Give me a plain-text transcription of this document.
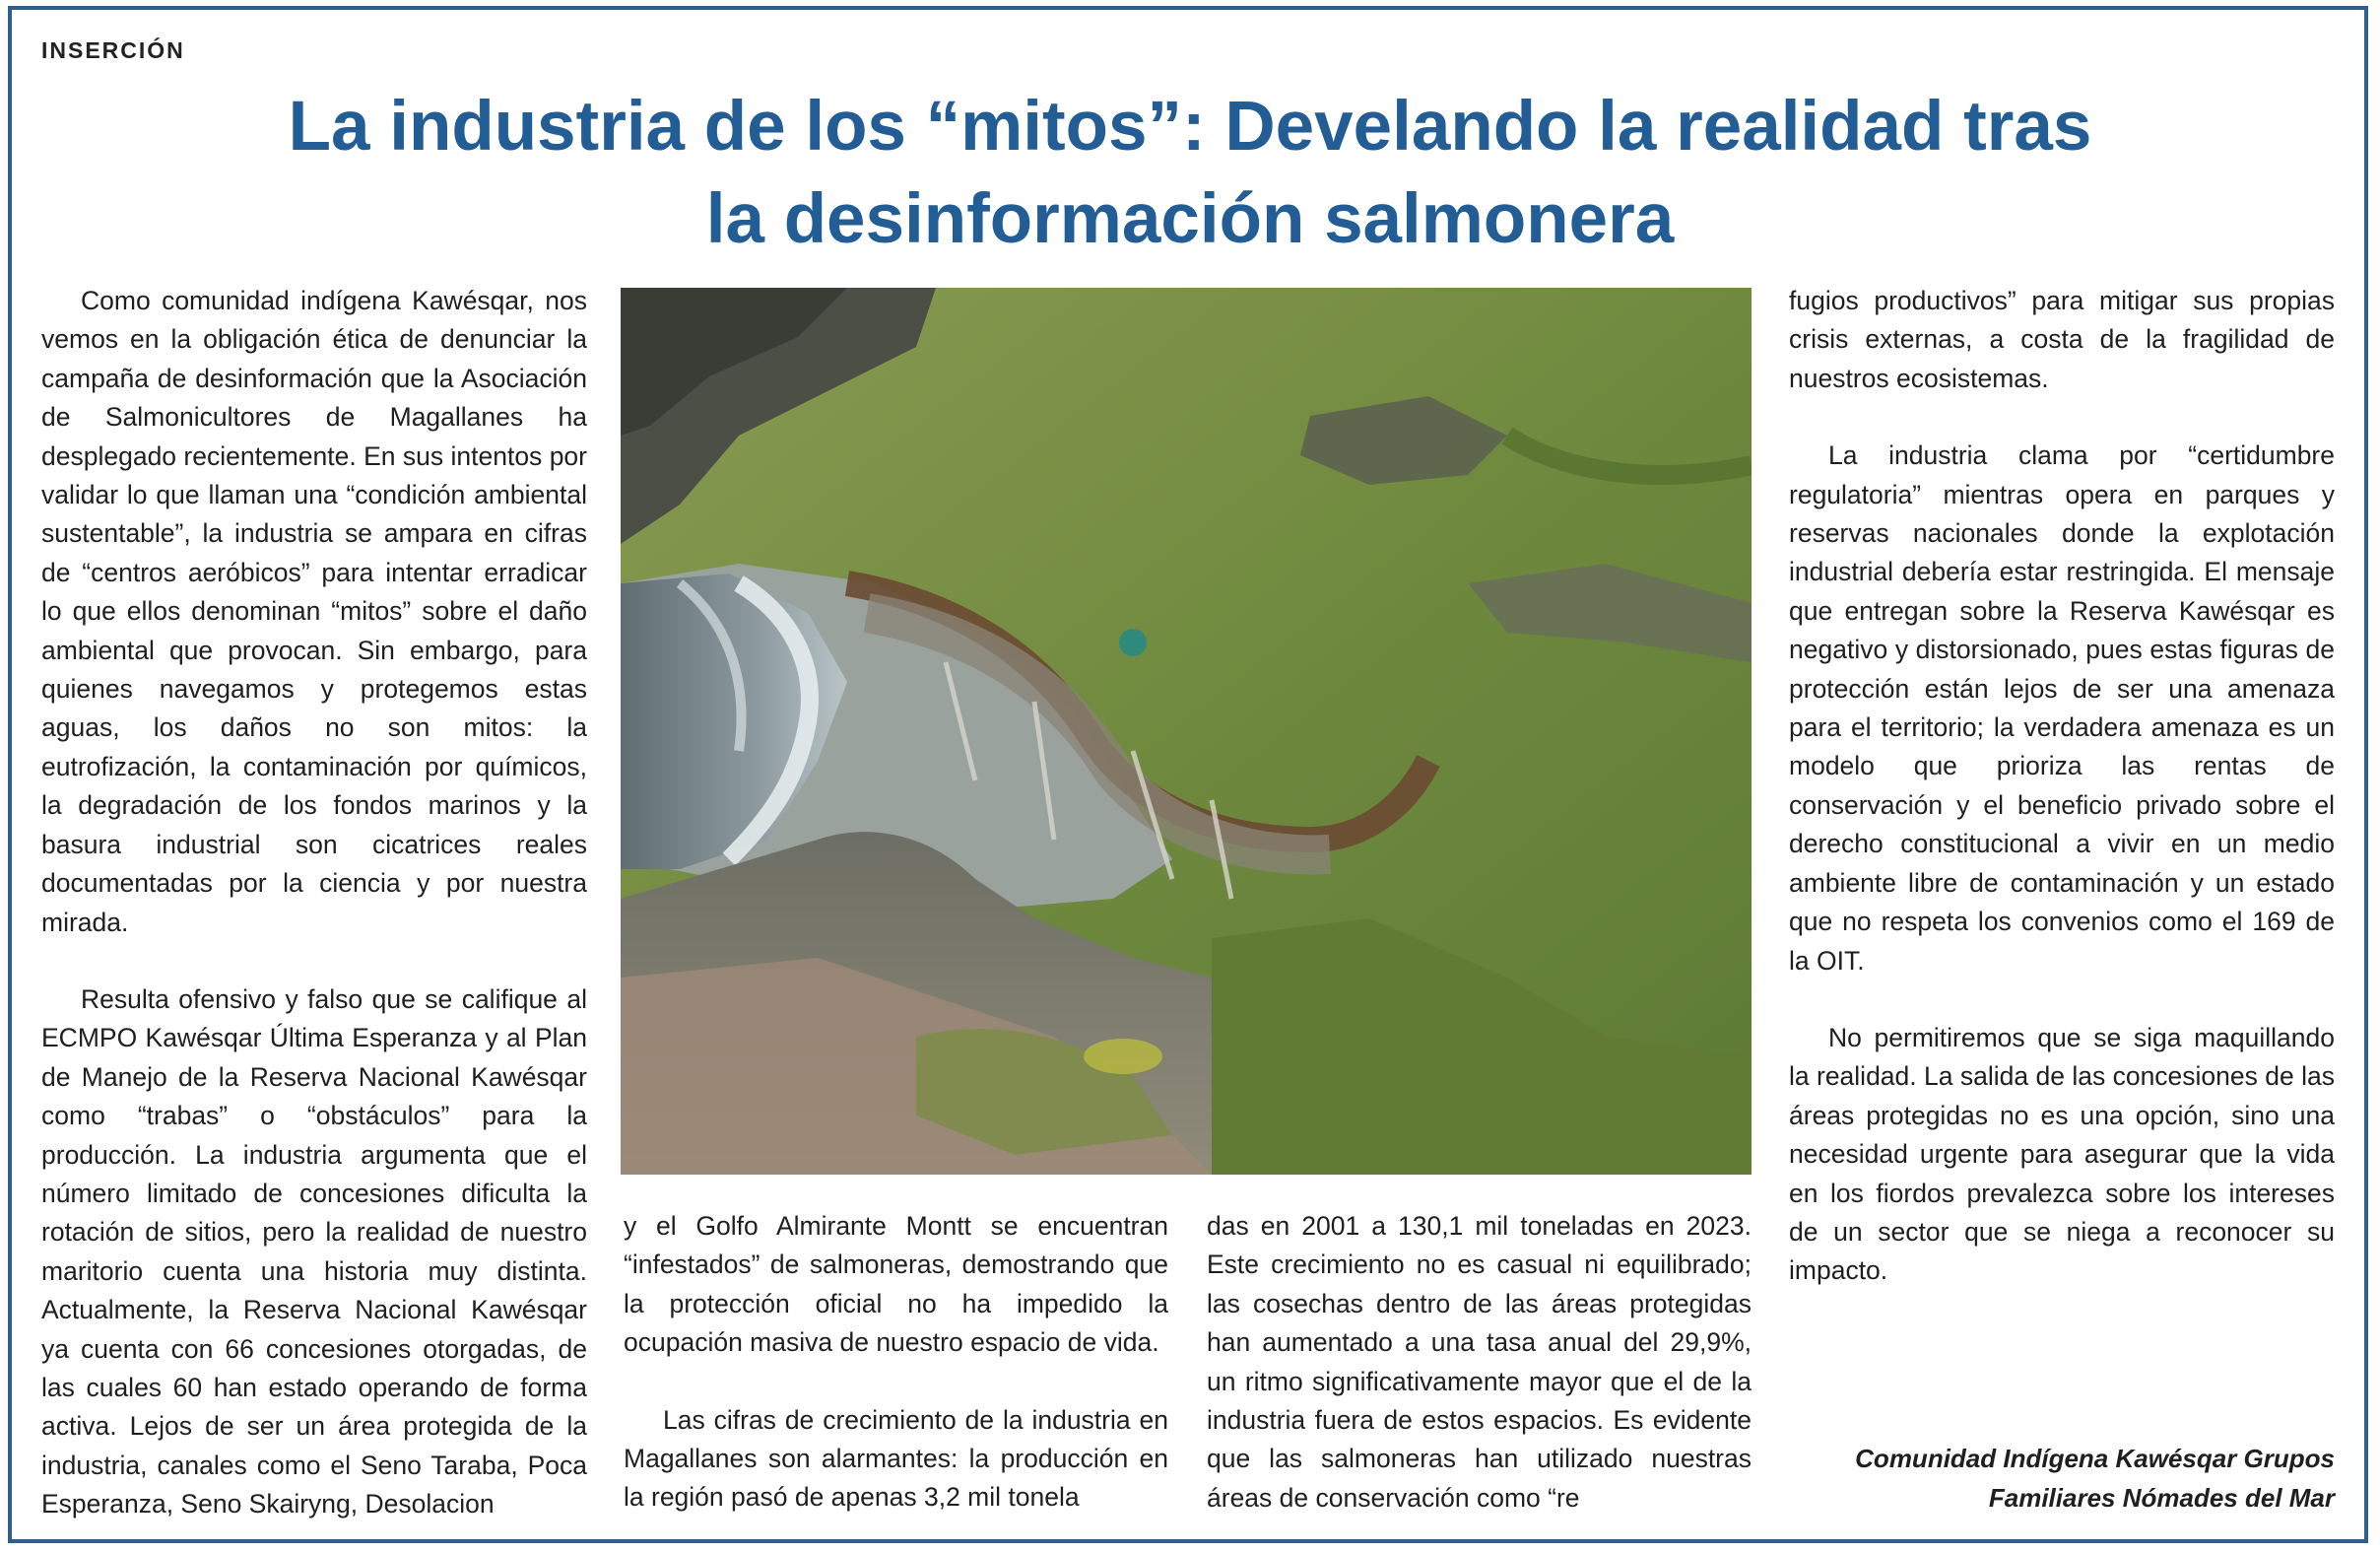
INSERCIÓN
La industria de los “mitos”: Develando la realidad tras
la desinformación salmonera

Como comunidad indígena Kawésqar, nos vemos en la obligación ética de denunciar la campaña de desinformación que la Asociación de Salmonicultores de Magallanes ha desplegado recientemente. En sus intentos por validar lo que llaman una “condición ambiental sustentable”, la industria se ampara en cifras de “centros aeróbicos” para intentar erradicar lo que ellos denominan “mitos” sobre el daño ambiental que provocan. Sin embargo, para quienes navegamos y protegemos estas aguas, los daños no son mitos: la eutrofización, la contaminación por químicos, la degradación de los fondos marinos y la basura industrial son cicatrices reales documentadas por la ciencia y por nuestra mirada.

Resulta ofensivo y falso que se califique al ECMPO Kawésqar Última Esperanza y al Plan de Manejo de la Reserva Nacional Kawésqar como “trabas” o “obstáculos” para la producción. La industria argumenta que el número limitado de concesiones dificulta la rotación de sitios, pero la realidad de nuestro maritorio cuenta una historia muy distinta. Actualmente, la Reserva Nacional Kawésqar ya cuenta con 66 concesiones otorgadas, de las cuales 60 han estado operando de forma activa. Lejos de ser un área protegida de la industria, canales como el Seno Taraba, Poca Esperanza, Seno Skairyng, Desolacion

y el Golfo Almirante Montt se encuentran “infestados” de salmoneras, demostrando que la protección oficial no ha impedido la ocupación masiva de nuestro espacio de vida.

Las cifras de crecimiento de la industria en Magallanes son alarmantes: la producción en la región pasó de apenas 3,2 mil tonela

das en 2001 a 130,1 mil toneladas en 2023. Este crecimiento no es casual ni equilibrado; las cosechas dentro de las áreas protegidas han aumentado a una tasa anual del 29,9%, un ritmo significativamente mayor que el de la industria fuera de estos espacios. Es evidente que las salmoneras han utilizado nuestras áreas de conservación como “re

fugios productivos” para mitigar sus propias crisis externas, a costa de la fragilidad de nuestros ecosistemas.

La industria clama por “certidumbre regulatoria” mientras opera en parques y reservas nacionales donde la explotación industrial debería estar restringida. El mensaje que entregan sobre la Reserva Kawésqar es negativo y distorsionado, pues estas figuras de protección están lejos de ser una amenaza para el territorio; la verdadera amenaza es un modelo que prioriza las rentas de conservación y el beneficio privado sobre el derecho constitucional a vivir en un medio ambiente libre de contaminación y un estado que no respeta los convenios como el 169 de la OIT.

No permitiremos que se siga maquillando la realidad. La salida de las concesiones de las áreas protegidas no es una opción, sino una necesidad urgente para asegurar que la vida en los fiordos prevalezca sobre los intereses de un sector que se niega a reconocer su impacto.

Comunidad Indígena Kawésqar Grupos
Familiares Nómades del Mar
